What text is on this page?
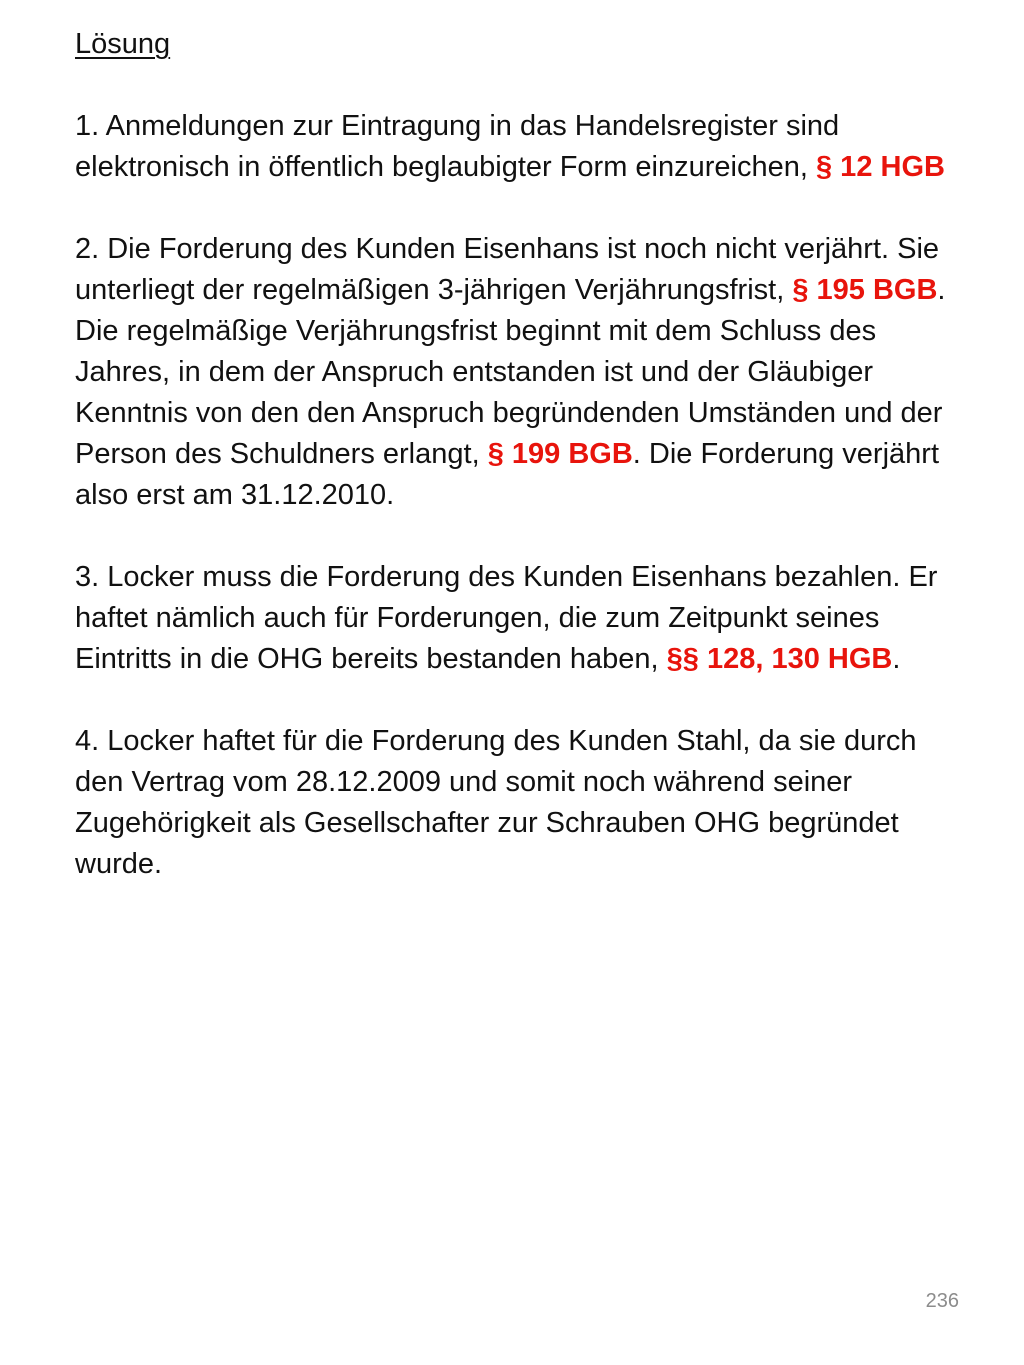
Lösung
1. Anmeldungen zur Eintragung in das Handelsregister sind elektronisch in öffentlich beglaubigter Form einzureichen, § 12 HGB
2. Die Forderung des Kunden Eisenhans ist noch nicht verjährt. Sie unterliegt der regelmäßigen 3-jährigen Verjährungsfrist, § 195 BGB. Die regelmäßige Verjährungsfrist beginnt mit dem Schluss des Jahres, in dem der Anspruch entstanden ist und der Gläubiger Kenntnis von den den Anspruch begründenden Umständen und der Person des Schuldners erlangt, § 199 BGB. Die Forderung verjährt also erst am 31.12.2010.
3. Locker muss die Forderung des Kunden Eisenhans bezahlen. Er haftet nämlich auch für Forderungen, die zum Zeitpunkt seines Eintritts in die OHG bereits bestanden haben, §§ 128, 130 HGB.
4. Locker haftet für die Forderung des Kunden Stahl, da sie durch den Vertrag vom 28.12.2009 und somit noch während seiner Zugehörigkeit als Gesellschafter zur Schrauben OHG begründet wurde.
236
